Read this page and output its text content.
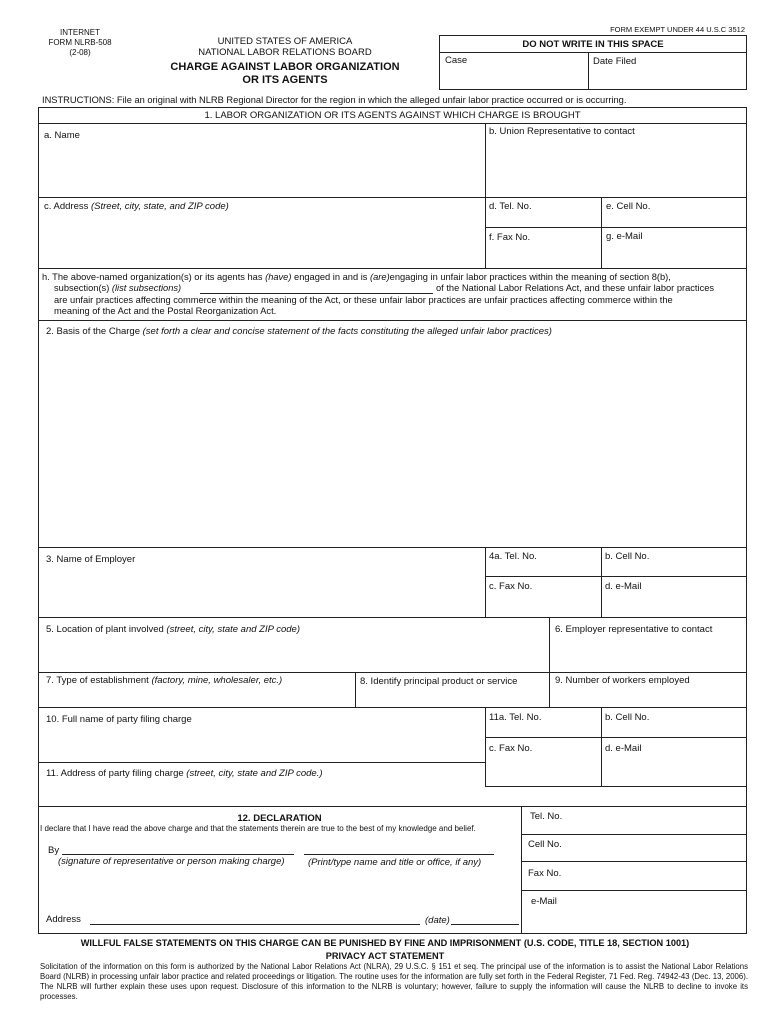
INTERNET
FORM NLRB-508
(2-08)
UNITED STATES OF AMERICA
NATIONAL LABOR RELATIONS BOARD
CHARGE AGAINST LABOR ORGANIZATION
OR ITS AGENTS
FORM EXEMPT UNDER 44 U.S.C 3512
DO NOT WRITE IN THIS SPACE
Case	Date Filed
INSTRUCTIONS: File an original with NLRB Regional Director for the region in which the alleged unfair labor practice occurred or is occurring.
1. LABOR ORGANIZATION OR ITS AGENTS AGAINST WHICH CHARGE IS BROUGHT
a. Name	b. Union Representative to contact
c. Address (Street, city, state, and ZIP code)	d. Tel. No.	e. Cell No.
f. Fax No.	g. e-Mail
h. The above-named organization(s) or its agents has (have) engaged in and is (are)engaging in unfair labor practices within the meaning of section 8(b),
subsection(s) (list subsections)	of the National Labor Relations Act, and these unfair labor practices
are unfair practices affecting commerce within the meaning of the Act, or these unfair labor practices are unfair practices affecting commerce within the
meaning of the Act and the Postal Reorganization Act.
2. Basis of the Charge (set forth a clear and concise statement of the facts constituting the alleged unfair labor practices)
3. Name of Employer	4a. Tel. No.	b. Cell No.
c. Fax No.	d. e-Mail
5. Location of plant involved (street, city, state and ZIP code)	6. Employer representative to contact
7. Type of establishment (factory, mine, wholesaler, etc.)	8. Identify principal product or service	9. Number of workers employed
10. Full name of party filing charge	11a. Tel. No.	b. Cell No.
c. Fax No.	d. e-Mail
11. Address of party filing charge (street, city, state and ZIP code.)
12. DECLARATION
I declare that I have read the above charge and that the statements therein are true to the best of my knowledge and belief.
By
(signature of representative or person making charge) (Print/type name and title or office, if any)
Address	(date)
Tel. No.
Cell No.
Fax No.
e-Mail
WILLFUL FALSE STATEMENTS ON THIS CHARGE CAN BE PUNISHED BY FINE AND IMPRISONMENT (U.S. CODE, TITLE 18, SECTION 1001)
PRIVACY ACT STATEMENT
Solicitation of the information on this form is authorized by the National Labor Relations Act (NLRA), 29 U.S.C. § 151 et seq. The principal use of the information is to assist the National Labor Relations Board (NLRB) in processing unfair labor practice and related proceedings or litigation. The routine uses for the information are fully set forth in the Federal Register, 71 Fed. Reg. 74942-43 (Dec. 13, 2006). The NLRB will further explain these uses upon request. Disclosure of this information to the NLRB is voluntary; however, failure to supply the information will cause the NLRB to decline to invoke its processes.
